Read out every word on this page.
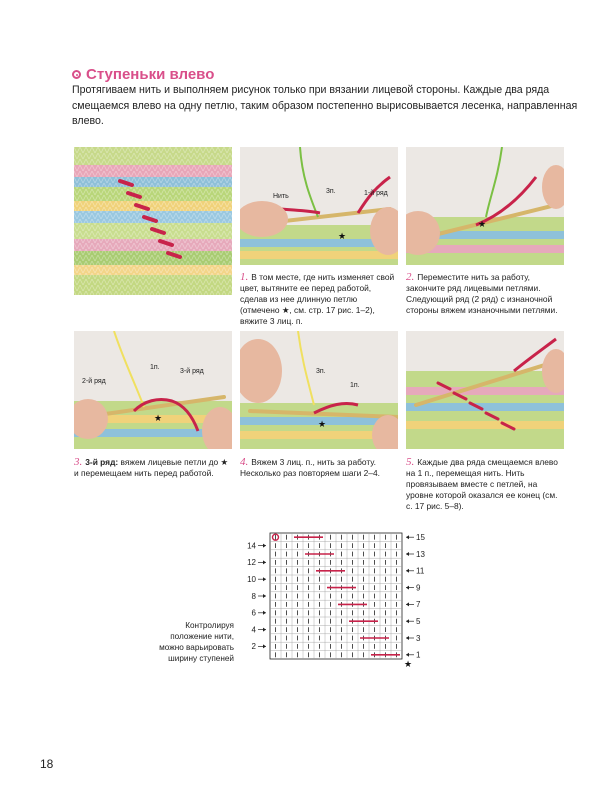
Ступеньки влево
Протягиваем нить и выполняем рисунок только при вязании лицевой стороны. Каждые два ряда смещаемся влево на одну петлю, таким образом постепенно вырисовывается лесенка, направленная влево.
Нить
3п.	1-й ряд
★
★
1. В том месте, где нить изменяет свой цвет, вытяните ее перед работой, сделав из нее длинную петлю (отмечено ★, см. стр. 17 рис. 1–2), вяжите 3 лиц. п.
2. Переместите нить за работу, закончите ряд лицевыми петлями. Следующий ряд (2 ряд) с изнаночной стороны вяжем изнаночными петлями.
2-й ряд
1п.
3-й ряд
★
3п.
1п.
★
3. 3-й ряд: вяжем лицевые петли до ★ и перемещаем нить перед работой.
4. Вяжем 3 лиц. п., нить за работу. Несколько раз повторяем шаги 2–4.
5. Каждые два ряда смещаемся влево на 1 п., перемещая нить. Нить провязываем вместе с петлей, на уровне которой оказался ее конец (см. с. 17 рис. 5–8).
Контролируя положение нити, можно варьировать ширину ступеней
15
13
11
9
7
5
3
1
14
12
10
8
6
4
2
★
18
